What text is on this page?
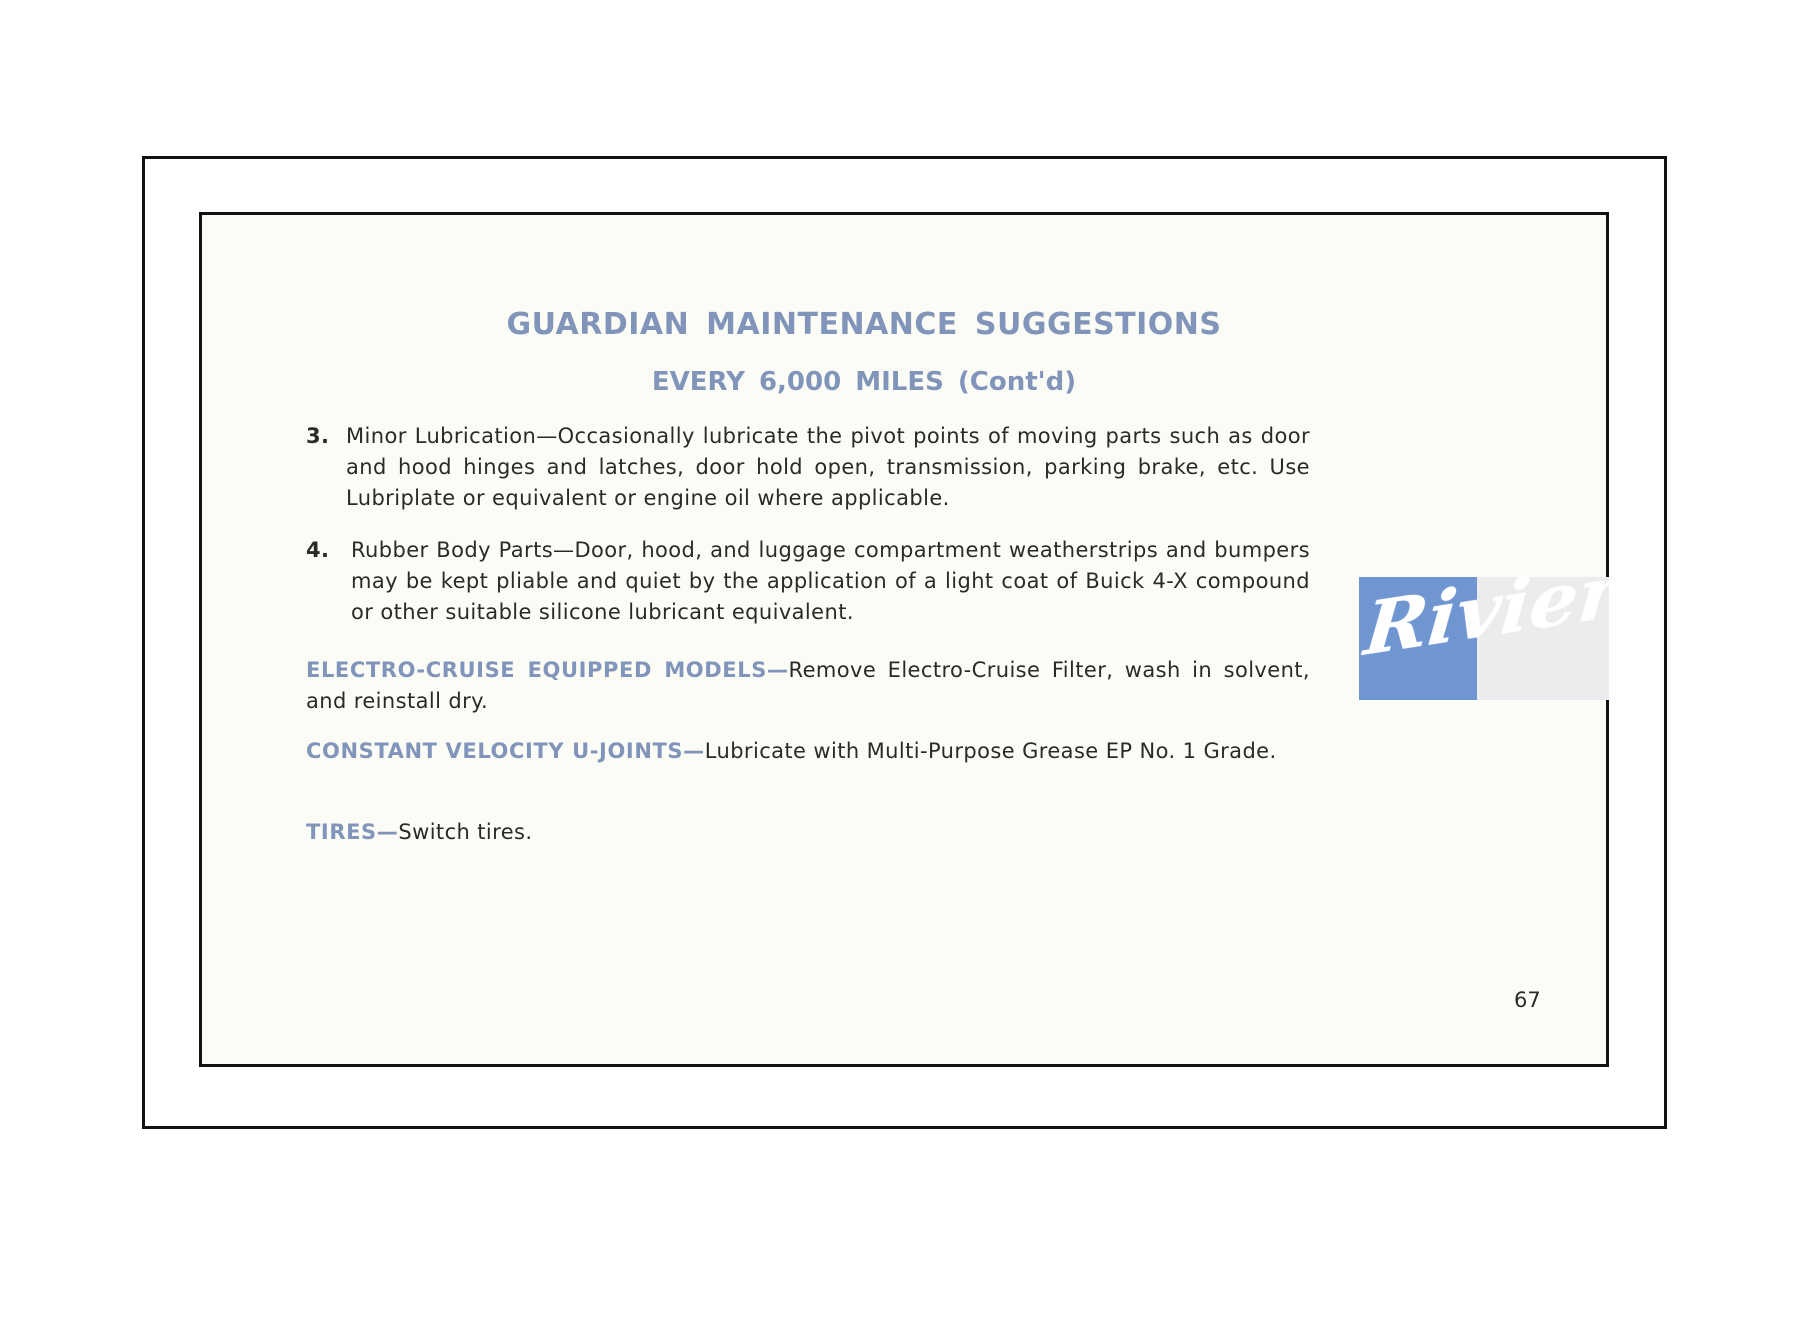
GUARDIAN MAINTENANCE SUGGESTIONS
EVERY 6,000 MILES (Cont'd)
3. Minor Lubrication—Occasionally lubricate the pivot points of moving parts such as door and hood hinges and latches, door hold open, transmission, parking brake, etc. Use Lubriplate or equivalent or engine oil where applicable.
4. Rubber Body Parts—Door, hood, and luggage compartment weatherstrips and bumpers may be kept pliable and quiet by the application of a light coat of Buick 4-X compound or other suitable silicone lubricant equivalent.
ELECTRO-CRUISE EQUIPPED MODELS—Remove Electro-Cruise Filter, wash in solvent, and reinstall dry.
CONSTANT VELOCITY U-JOINTS—Lubricate with Multi-Purpose Grease EP No. 1 Grade.
TIRES—Switch tires.
Riviera
67
